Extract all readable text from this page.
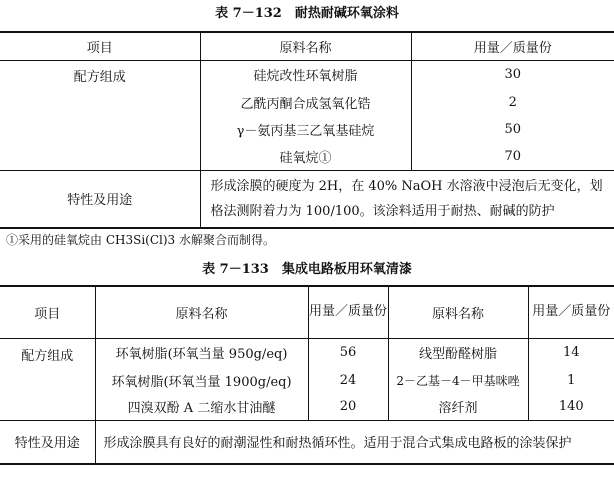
表 7－132　耐热耐碱环氧涂料
项目	原料名称	用量／质量份
配方组成	硅烷改性环氧树脂	30
	乙酰丙酮合成氢氧化锆	2
	γ－氨丙基三乙氧基硅烷	50
	硅氧烷①	70
特性及用途	形成涂膜的硬度为 2H，在 40% NaOH 水溶液中浸泡后无变化，划格法测附着力为 100/100。该涂料适用于耐热、耐碱的防护	
①采用的硅氧烷由 CH3Si(Cl)3 水解聚合而制得。
表 7－133　集成电路板用环氧清漆
项目	原料名称	用量／质量份	原料名称	用量／质量份
配方组成	环氧树脂(环氧当量 950g/eq)	56	线型酚醛树脂	14
	环氧树脂(环氧当量 1900g/eq)	24	2－乙基－4－甲基咪唑	1
	四溴双酚 A 二缩水甘油醚	20	溶纤剂	140
特性及用途	形成涂膜具有良好的耐潮湿性和耐热循环性。适用于混合式集成电路板的涂装保护			
